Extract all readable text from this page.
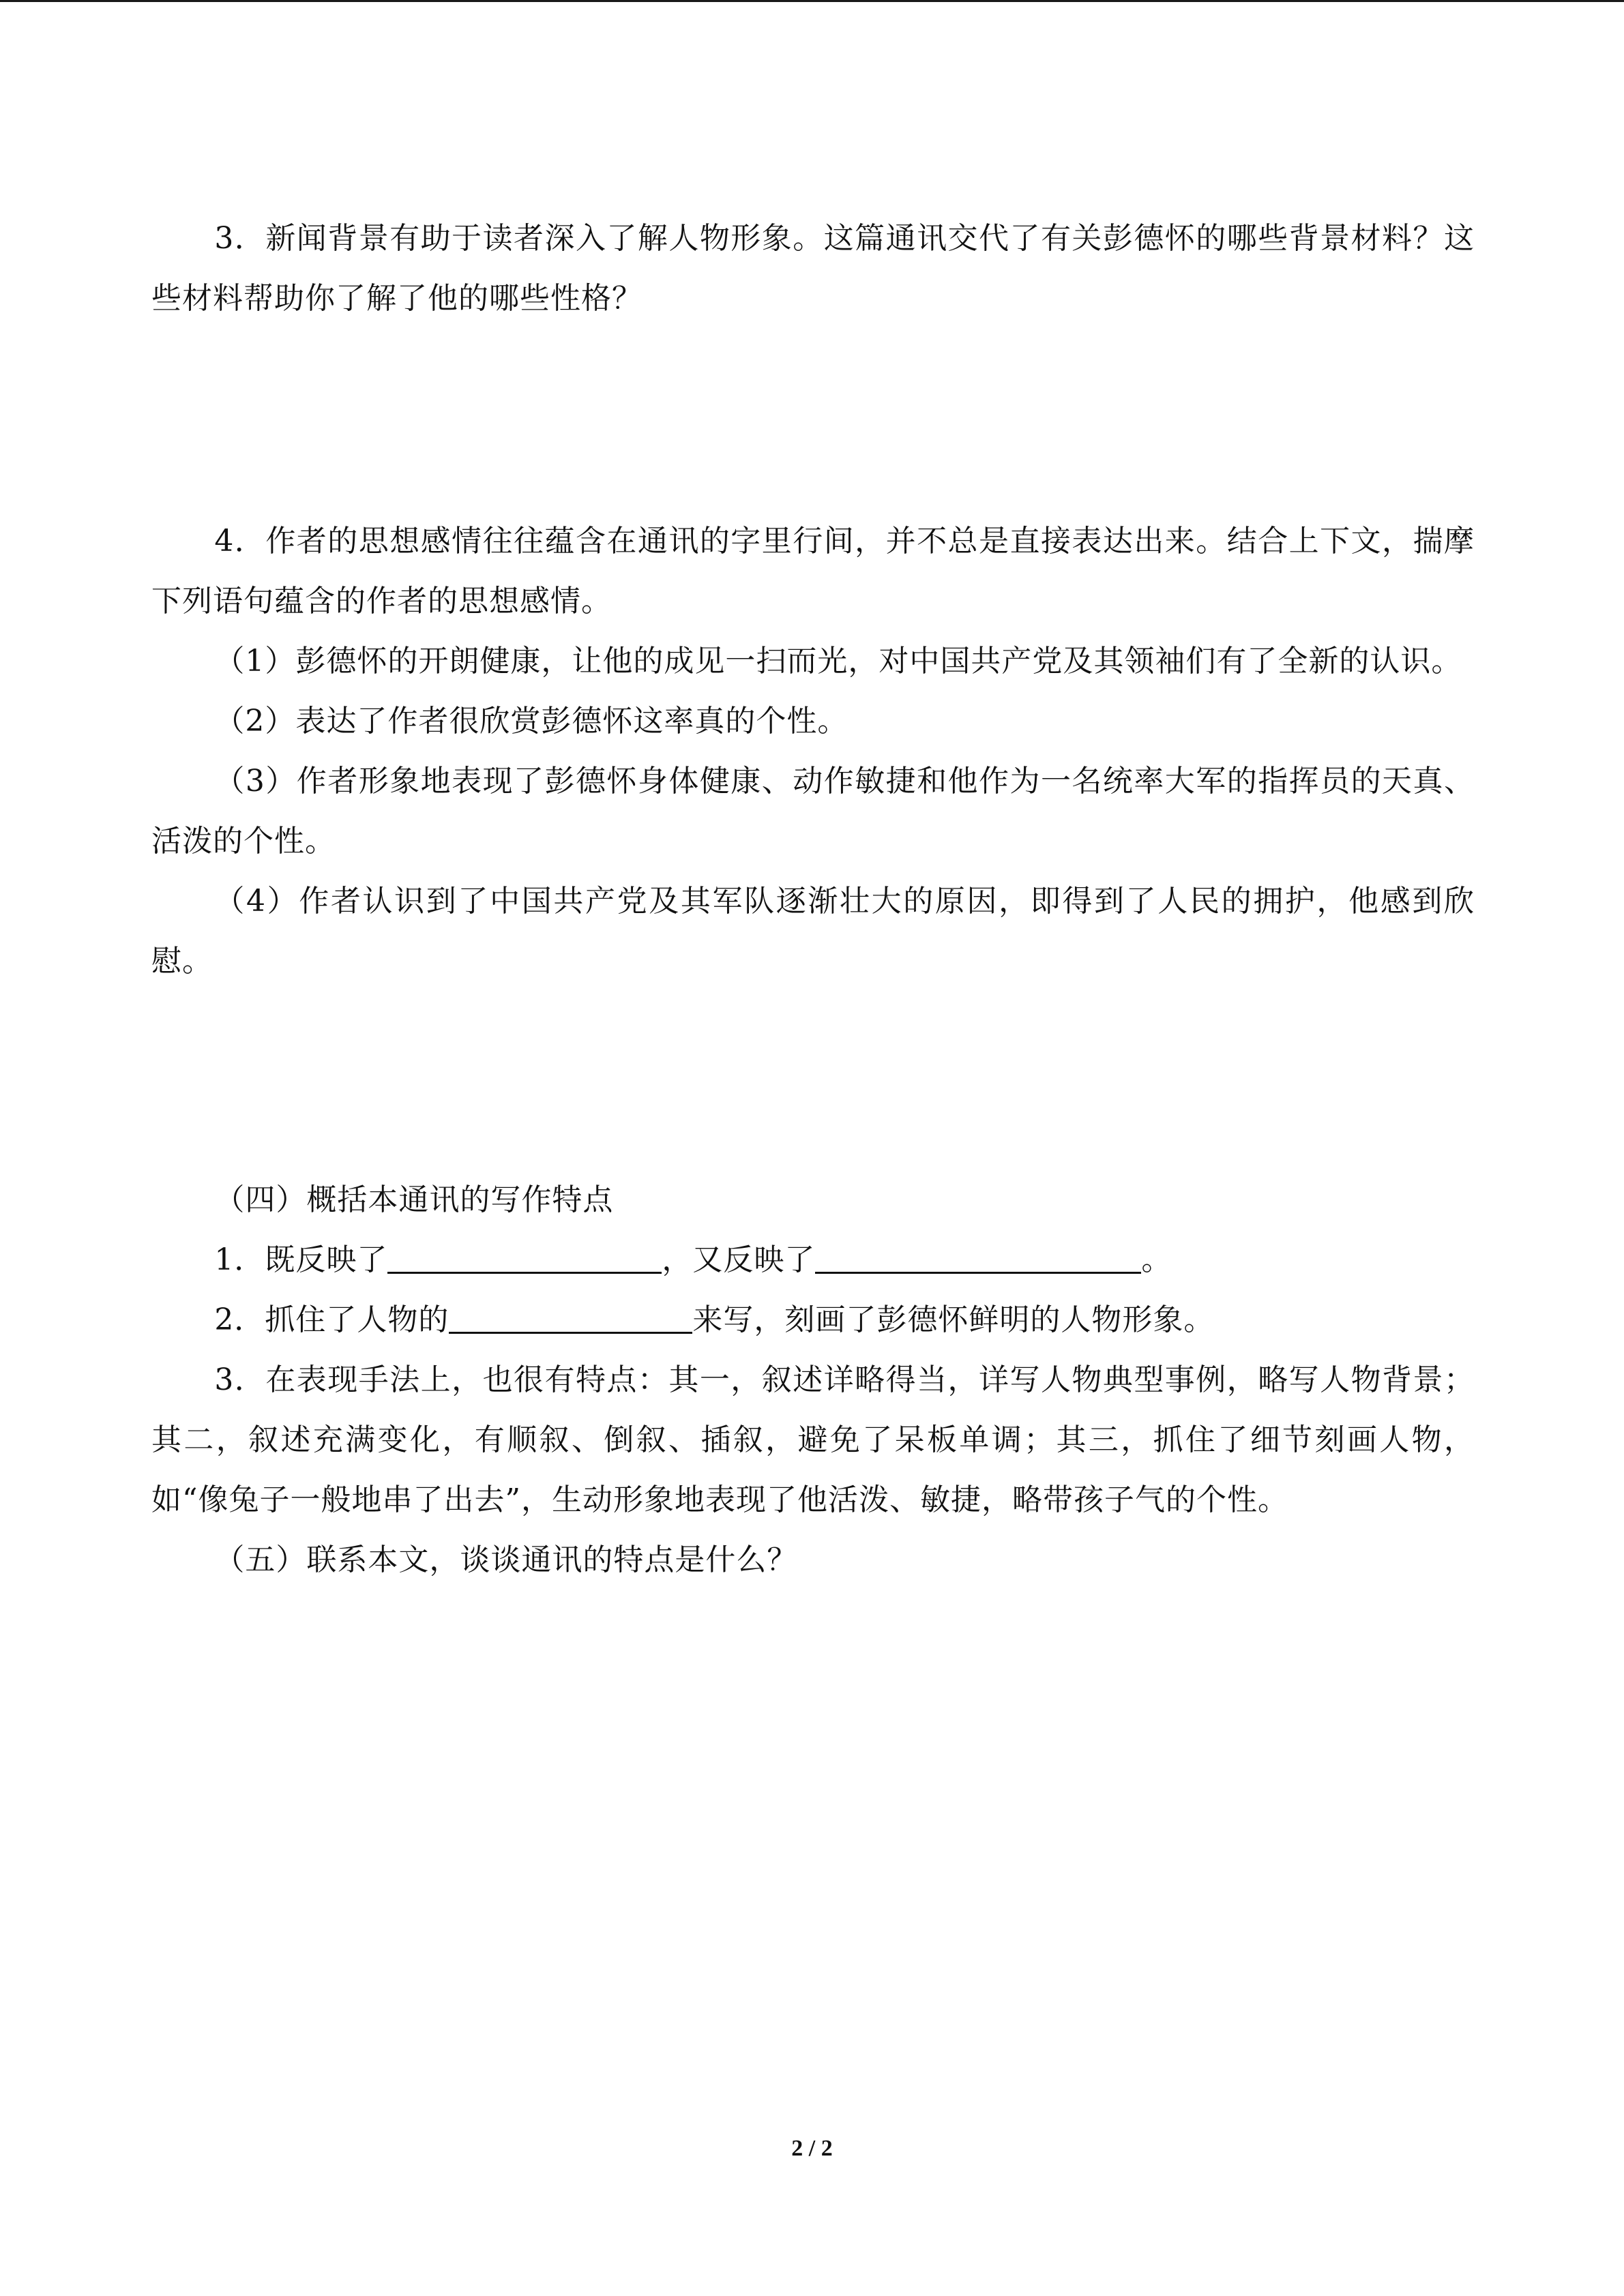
3．新闻背景有助于读者深入了解人物形象。这篇通讯交代了有关彭德怀的哪些背景材料？这些材料帮助你了解了他的哪些性格？

4．作者的思想感情往往蕴含在通讯的字里行间，并不总是直接表达出来。结合上下文，揣摩下列语句蕴含的作者的思想感情。

（1）彭德怀的开朗健康，让他的成见一扫而光，对中国共产党及其领袖们有了全新的认识。

（2）表达了作者很欣赏彭德怀这率真的个性。

（3）作者形象地表现了彭德怀身体健康、动作敏捷和他作为一名统率大军的指挥员的天真、活泼的个性。

（4）作者认识到了中国共产党及其军队逐渐壮大的原因，即得到了人民的拥护，他感到欣慰。

（四）概括本通讯的写作特点

1．既反映了	，又反映了	。

2．抓住了人物的	来写，刻画了彭德怀鲜明的人物形象。

3．在表现手法上，也很有特点：其一，叙述详略得当，详写人物典型事例，略写人物背景；其二，叙述充满变化，有顺叙、倒叙、插叙，避免了呆板单调；其三，抓住了细节刻画人物，如“像兔子一般地串了出去”，生动形象地表现了他活泼、敏捷，略带孩子气的个性。

（五）联系本文，谈谈通讯的特点是什么？

2 / 2
